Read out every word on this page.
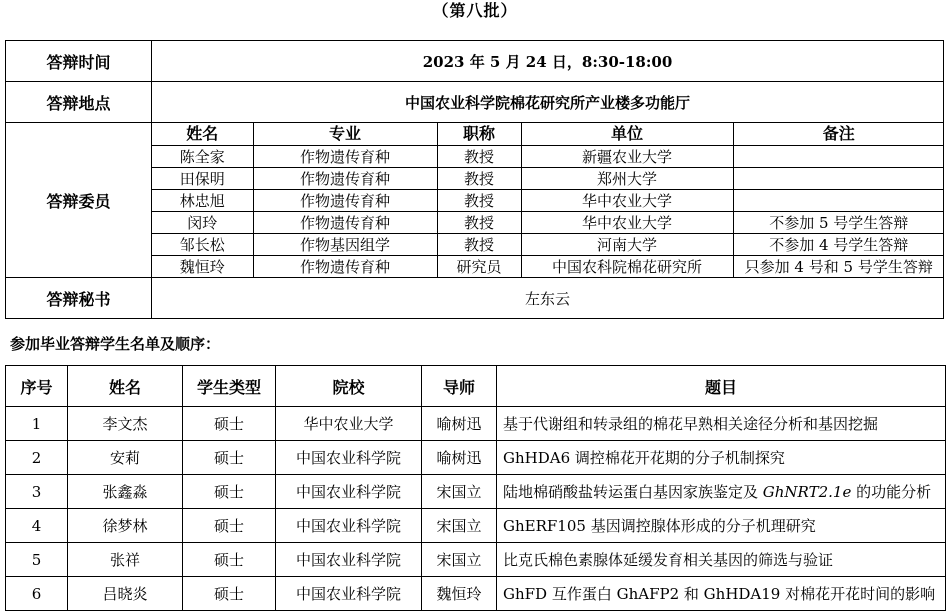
（第八批）
答辩时间	2023 年 5 月 24 日，8:30-18:00
答辩地点	中国农业科学院棉花研究所产业楼多功能厅
答辩委员	
姓名	专业	职称	单位	备注
陈全家	作物遗传育种	教授	新疆农业大学	
田保明	作物遗传育种	教授	郑州大学	
林忠旭	作物遗传育种	教授	华中农业大学	
闵玲	作物遗传育种	教授	华中农业大学	不参加 5 号学生答辩
邹长松	作物基因组学	教授	河南大学	不参加 4 号学生答辩
魏恒玲	作物遗传育种	研究员	中国农科院棉花研究所	只参加 4 号和 5 号学生答辩

答辩秘书	左东云
参加毕业答辩学生名单及顺序：
序号	姓名	学生类型	院校	导师	题目
1	李文杰	硕士	华中农业大学	喻树迅	基于代谢组和转录组的棉花早熟相关途径分析和基因挖掘
2	安莉	硕士	中国农业科学院	喻树迅	GhHDA6 调控棉花开花期的分子机制探究
3	张鑫淼	硕士	中国农业科学院	宋国立	陆地棉硝酸盐转运蛋白基因家族鉴定及 GhNRT2.1e 的功能分析
4	徐梦林	硕士	中国农业科学院	宋国立	GhERF105 基因调控腺体形成的分子机理研究
5	张祥	硕士	中国农业科学院	宋国立	比克氏棉色素腺体延缓发育相关基因的筛选与验证
6	吕晓炎	硕士	中国农业科学院	魏恒玲	GhFD 互作蛋白 GhAFP2 和 GhHDA19 对棉花开花时间的影响
